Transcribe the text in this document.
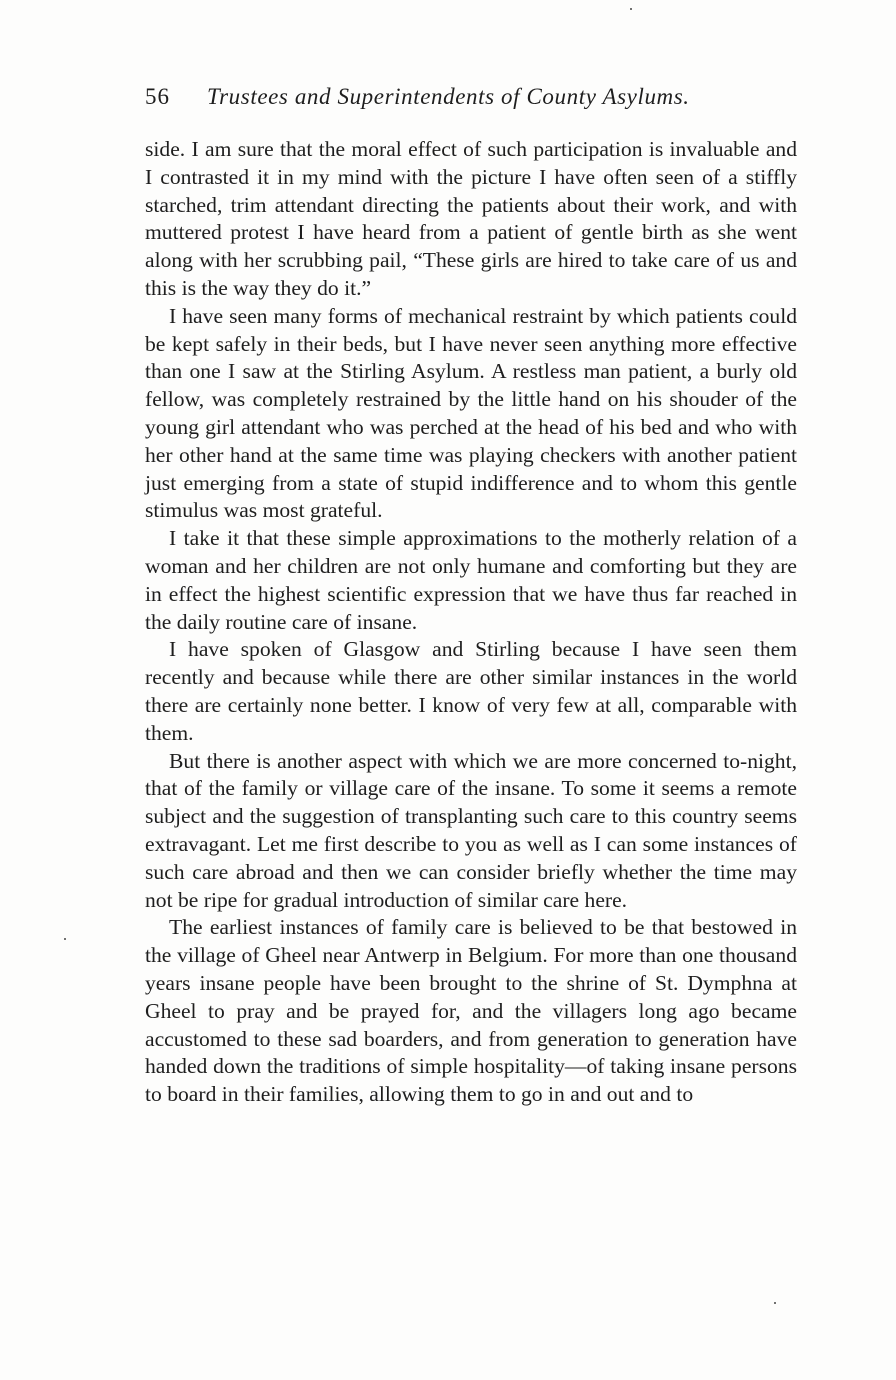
56 Trustees and Superintendents of County Asylums.

side. I am sure that the moral effect of such participation is invaluable and I contrasted it in my mind with the picture I have often seen of a stiffly starched, trim attendant directing the patients about their work, and with muttered protest I have heard from a patient of gentle birth as she went along with her scrubbing pail, “These girls are hired to take care of us and this is the way they do it.”

I have seen many forms of mechanical restraint by which patients could be kept safely in their beds, but I have never seen anything more effective than one I saw at the Stirling Asylum. A restless man patient, a burly old fellow, was completely restrained by the little hand on his shouder of the young girl attendant who was perched at the head of his bed and who with her other hand at the same time was playing checkers with another patient just emerging from a state of stupid indifference and to whom this gentle stimulus was most grateful.

I take it that these simple approximations to the motherly relation of a woman and her children are not only humane and comforting but they are in effect the highest scientific expression that we have thus far reached in the daily routine care of insane.

I have spoken of Glasgow and Stirling because I have seen them recently and because while there are other similar instances in the world there are certainly none better. I know of very few at all, comparable with them.

But there is another aspect with which we are more concerned to-night, that of the family or village care of the insane. To some it seems a remote subject and the suggestion of transplanting such care to this country seems extravagant. Let me first describe to you as well as I can some instances of such care abroad and then we can consider briefly whether the time may not be ripe for gradual introduction of similar care here.

The earliest instances of family care is believed to be that bestowed in the village of Gheel near Antwerp in Belgium. For more than one thousand years insane people have been brought to the shrine of St. Dymphna at Gheel to pray and be prayed for, and the villagers long ago became accustomed to these sad boarders, and from generation to generation have handed down the traditions of simple hospitality—of taking insane persons to board in their families, allowing them to go in and out and to
